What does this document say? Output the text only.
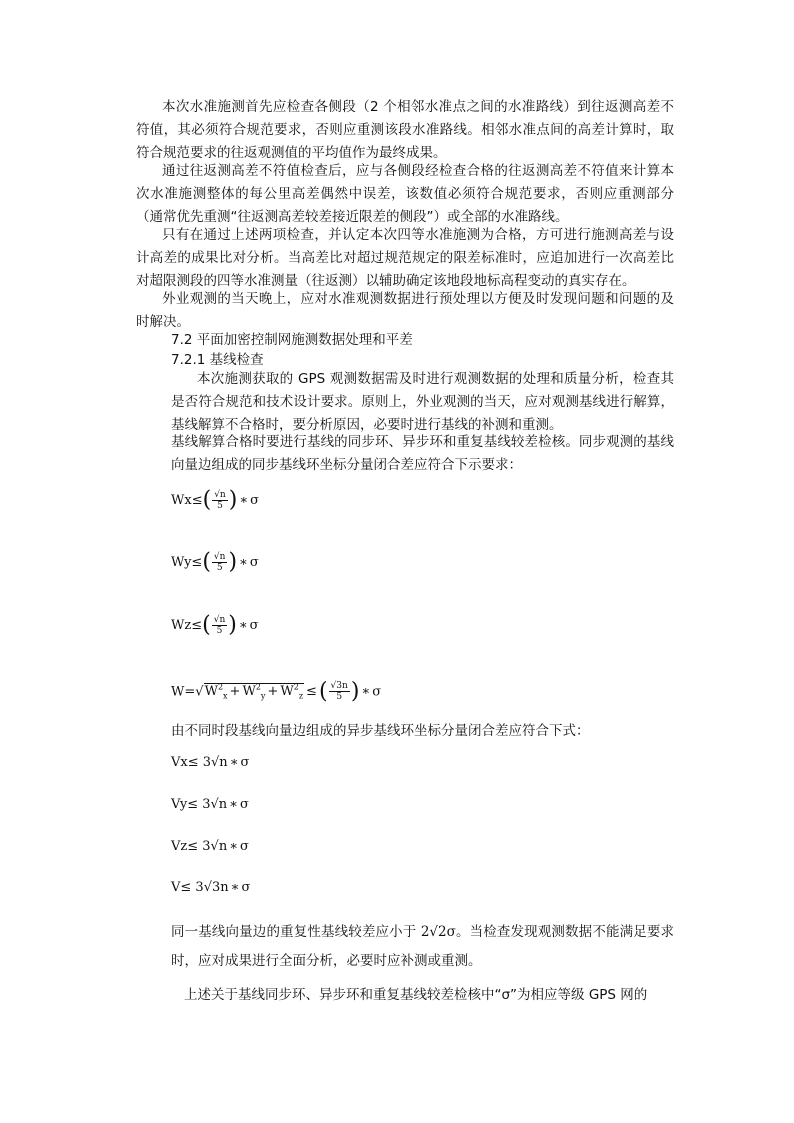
本次水准施测首先应检查各侧段（2 个相邻水准点之间的水准路线）到往返测高差不符值，其必须符合规范要求，否则应重测该段水准路线。相邻水准点间的高差计算时，取符合规范要求的往返观测值的平均值作为最终成果。
通过往返测高差不符值检查后，应与各侧段经检查合格的往返测高差不符值来计算本次水准施测整体的每公里高差偶然中误差，该数值必须符合规范要求，否则应重测部分（通常优先重测“往返测高差较差接近限差的侧段”）或全部的水准路线。
只有在通过上述两项检查，并认定本次四等水准施测为合格，方可进行施测高差与设计高差的成果比对分析。当高差比对超过规范规定的限差标准时，应追加进行一次高差比对超限测段的四等水准测量（往返测）以辅助确定该地段地标高程变动的真实存在。
外业观测的当天晚上，应对水准观测数据进行预处理以方便及时发现问题和问题的及时解决。
7.2 平面加密控制网施测数据处理和平差
7.2.1 基线检查
本次施测获取的 GPS 观测数据需及时进行观测数据的处理和质量分析，检查其是否符合规范和技术设计要求。原则上，外业观测的当天，应对观测基线进行解算，基线解算不合格时，要分析原因，必要时进行基线的补测和重测。
基线解算合格时要进行基线的同步环、异步环和重复基线较差检核。同步观测的基线向量边组成的同步基线环坐标分量闭合差应符合下示要求：
$Wx\le( \frac{√n}{5}$ ) ∗ σ
$Wy\le( \frac{√n}{5}$ ) ∗ σ
$Wz\le( \frac{√n}{5}$ ) ∗ σ
$W=√W^2_x + W^2_y + W^2_z$ ≤( $\frac{√3n}{5}$ ) ∗ σ
由不同时段基线向量边组成的异步基线环坐标分量闭合差应符合下式：
Vx≤ 3√n ∗ σ
Vy≤ 3√n ∗ σ
Vz≤ 3√n ∗ σ
V≤ 3√3n ∗ σ
同一基线向量边的重复性基线较差应小于 2√2σ。当检查发现观测数据不能满足要求时，应对成果进行全面分析，必要时应补测或重测。
上述关于基线同步环、异步环和重复基线较差检核中“σ”为相应等级 GPS 网的
